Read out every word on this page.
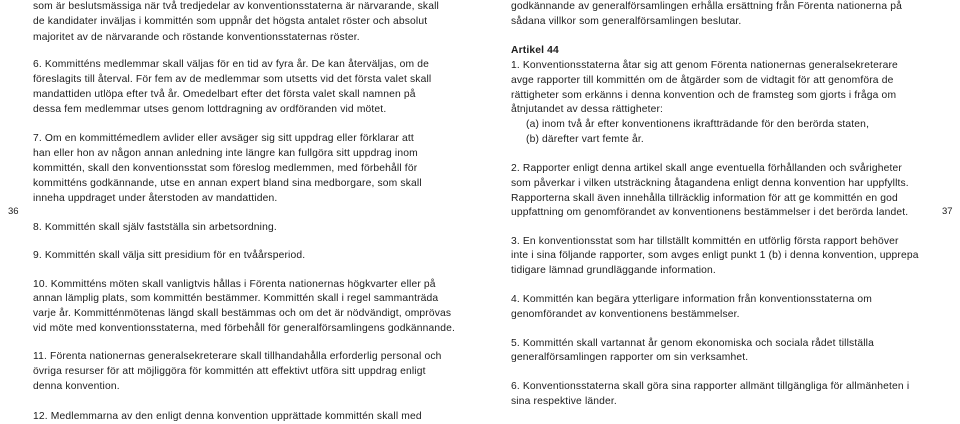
36	37
som är beslutsmässiga när två tredjedelar av konventionsstaterna är närvarande, skall
de kandidater inväljas i kommittén som uppnår det högsta antalet röster och absolut
majoritet av de närvarande och röstande konventionsstaternas röster.
6. Kommitténs medlemmar skall väljas för en tid av fyra år. De kan återväljas, om de
föreslagits till återval. För fem av de medlemmar som utsetts vid det första valet skall
mandattiden utlöpa efter två år. Omedelbart efter det första valet skall namnen på
dessa fem medlemmar utses genom lottdragning av ordföranden vid mötet.
7. Om en kommittémedlem avlider eller avsäger sig sitt uppdrag eller förklarar att
han eller hon av någon annan anledning inte längre kan fullgöra sitt uppdrag inom
kommittén, skall den konventionsstat som föreslog medlemmen, med förbehåll för
kommitténs godkännande, utse en annan expert bland sina medborgare, som skall
inneha uppdraget under återstoden av mandattiden.
8. Kommittén skall själv fastställa sin arbetsordning.
9. Kommittén skall välja sitt presidium för en tvåårsperiod.
10. Kommitténs möten skall vanligtvis hållas i Förenta nationernas högkvarter eller på
annan lämplig plats, som kommittén bestämmer. Kommittén skall i regel sammanträda
varje år. Kommitténmötenas längd skall bestämmas och om det är nödvändigt, omprövas
vid möte med konventionsstaterna, med förbehåll för generalförsamlingens godkännande.
11. Förenta nationernas generalsekreterare skall tillhandahålla erforderlig personal och
övriga resurser för att möjliggöra för kommittén att effektivt utföra sitt uppdrag enligt
denna konvention.
12. Medlemmarna av den enligt denna konvention upprättade kommittén skall med
godkännande av generalförsamlingen erhålla ersättning från Förenta nationerna på
sådana villkor som generalförsamlingen beslutar.
Artikel 44
1. Konventionsstaterna åtar sig att genom Förenta nationernas generalsekreterare
avge rapporter till kommittén om de åtgärder som de vidtagit för att genomföra de
rättigheter som erkänns i denna konvention och de framsteg som gjorts i fråga om
åtnjutandet av dessa rättigheter:
(a) inom två år efter konventionens ikraftträdande för den berörda staten,
(b) därefter vart femte år.
2. Rapporter enligt denna artikel skall ange eventuella förhållanden och svårigheter
som påverkar i vilken utsträckning åtagandena enligt denna konvention har uppfyllts.
Rapporterna skall även innehålla tillräcklig information för att ge kommittén en god
uppfattning om genomförandet av konventionens bestämmelser i det berörda landet.
3. En konventionsstat som har tillställt kommittén en utförlig första rapport behöver
inte i sina följande rapporter, som avges enligt punkt 1 (b) i denna konvention, upprepa
tidigare lämnad grundläggande information.
4. Kommittén kan begära ytterligare information från konventionsstaterna om
genomförandet av konventionens bestämmelser.
5. Kommittén skall vartannat år genom ekonomiska och sociala rådet tillställa
generalförsamlingen rapporter om sin verksamhet.
6. Konventionsstaterna skall göra sina rapporter allmänt tillgängliga för allmänheten i
sina respektive länder.
